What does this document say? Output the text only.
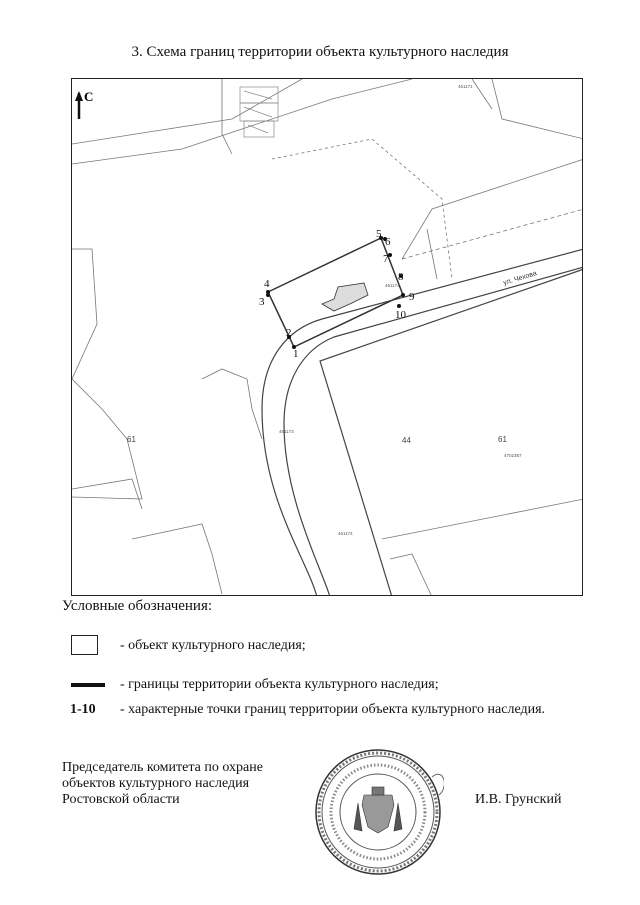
3. Схема границ территории объекта культурного наследия
С
ул. Чехова
1
2
3
4
5
6
7
8
9
10
61	44	61
461171
461173
461174
461174
4702387
Условные обозначения:
- объект культурного наследия;
- границы территории объекта культурного наследия;
1-10 - характерные точки границ территории объекта культурного наследия.
Председатель комитета по охране
объектов культурного наследия
Ростовской области	И.В. Грунский
